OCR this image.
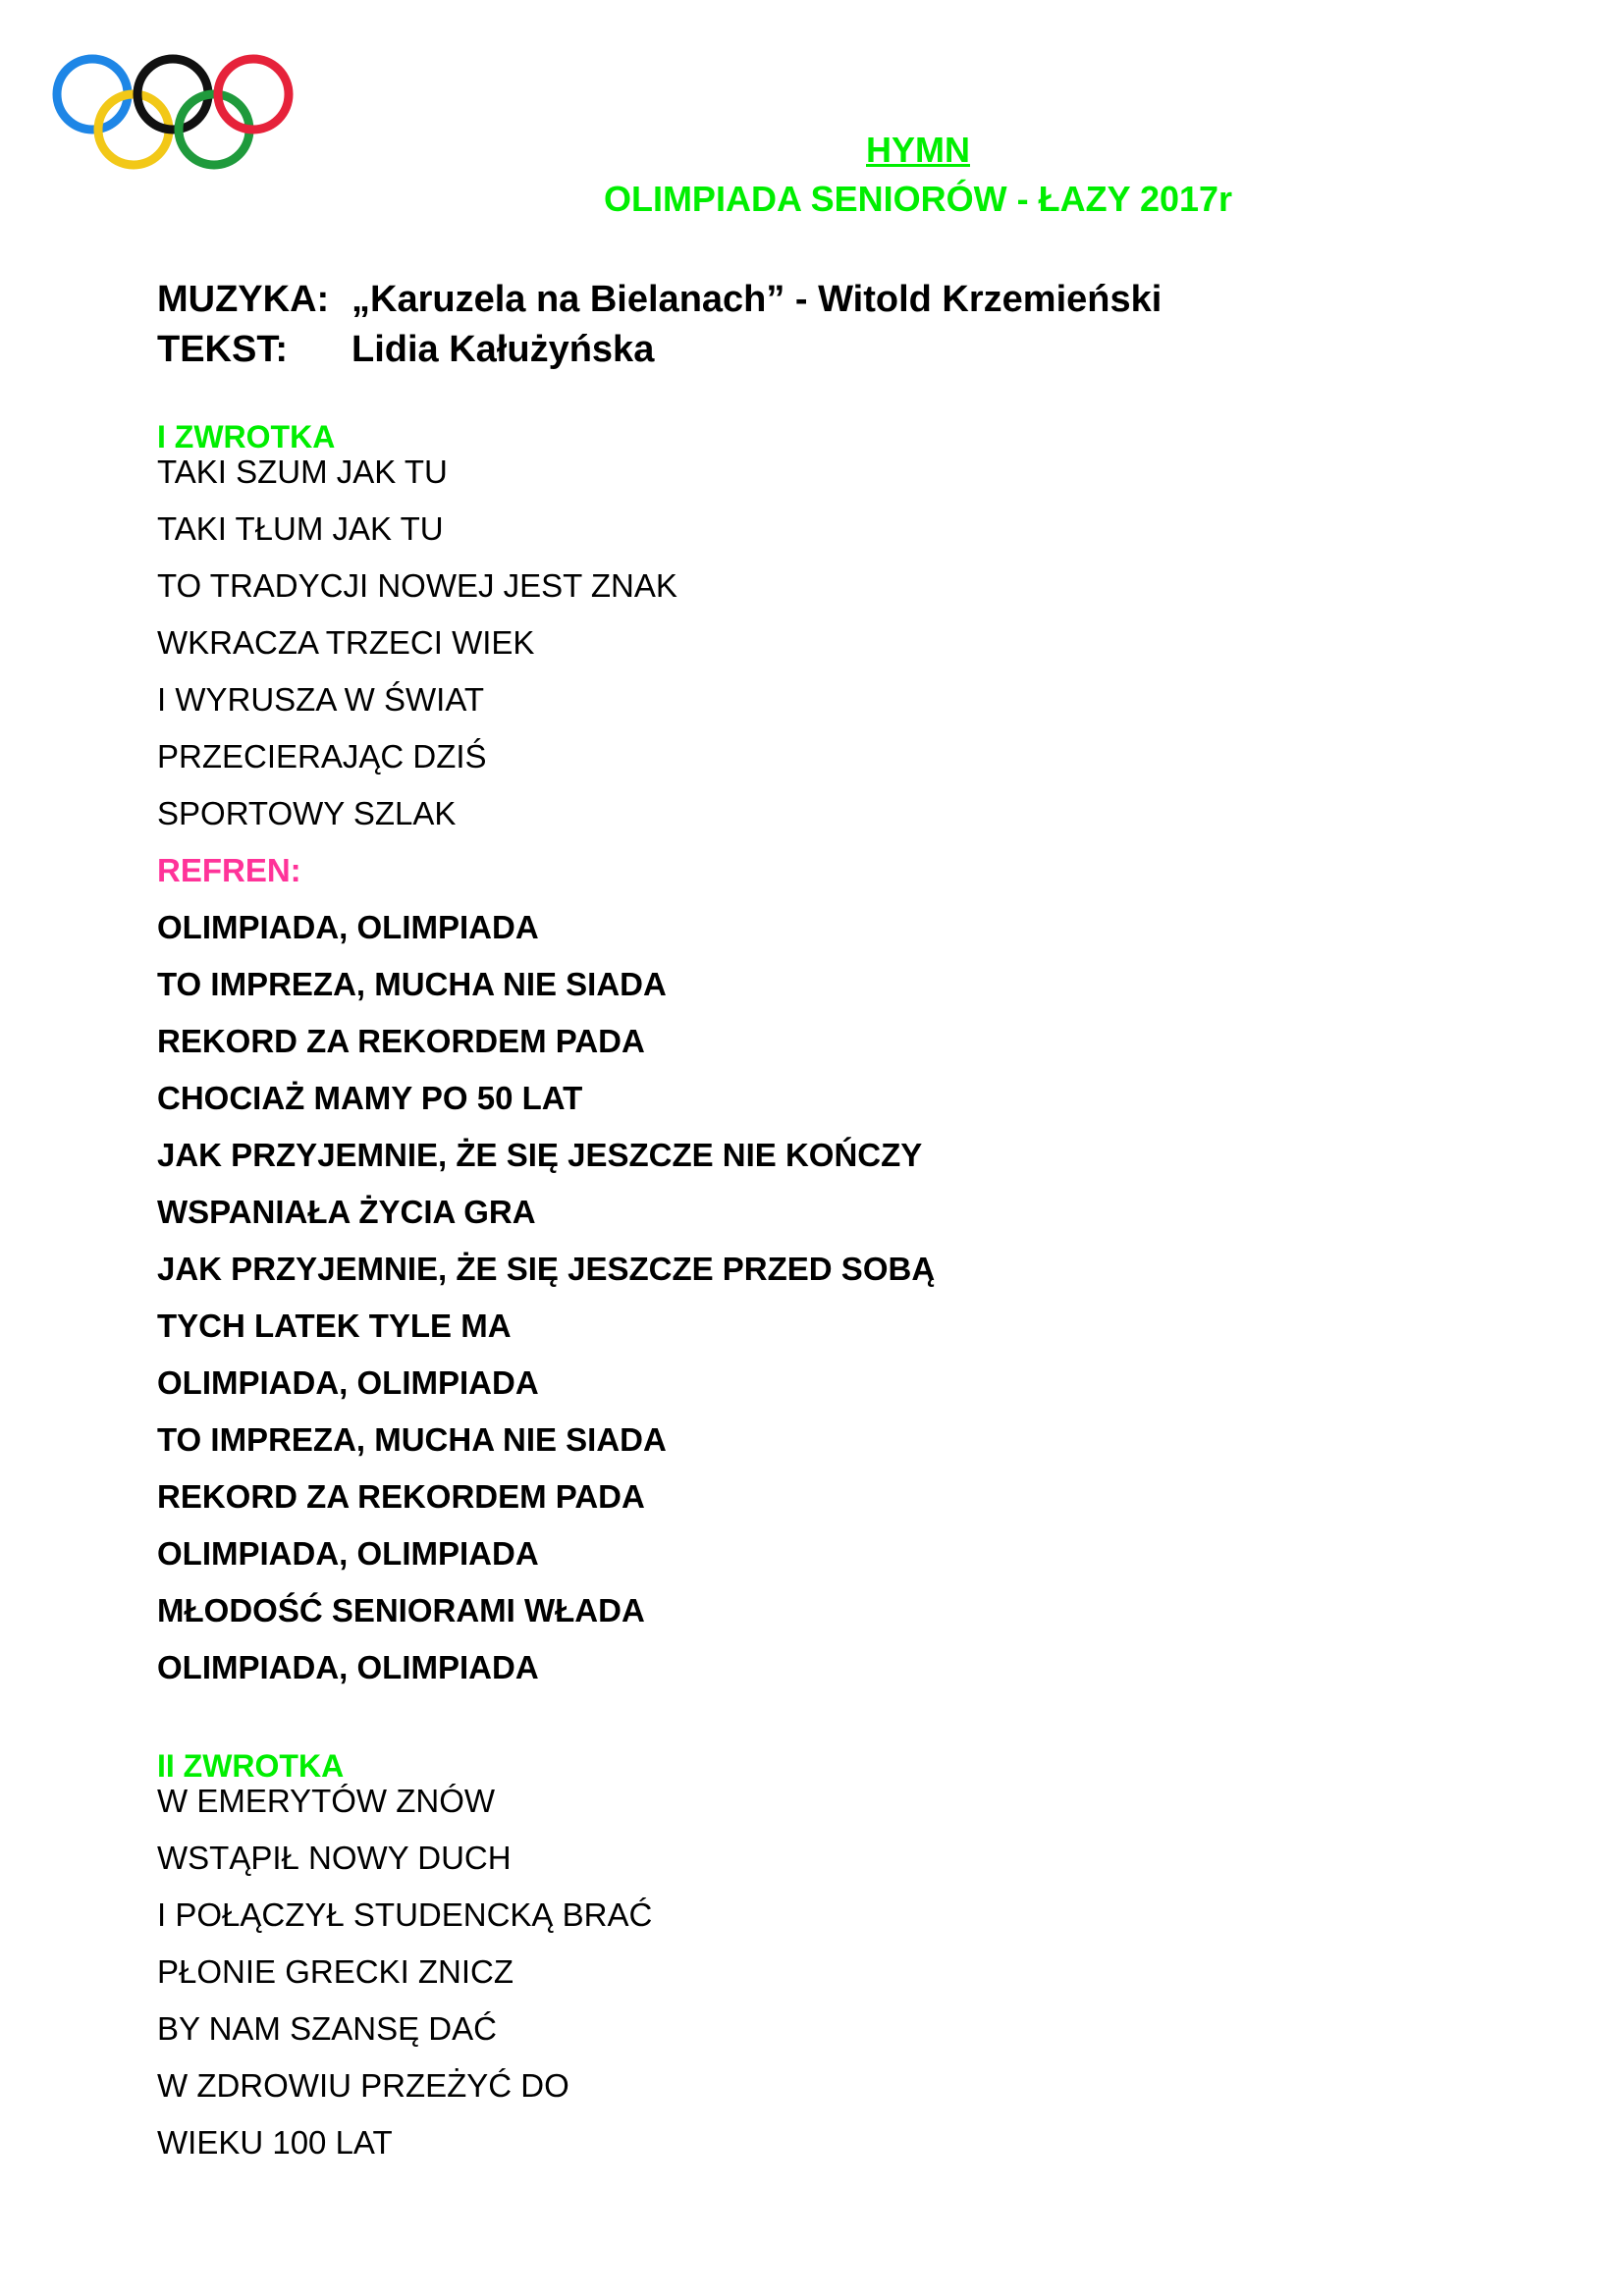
HYMN
OLIMPIADA SENIORÓW - ŁAZY 2017r
MUZYKA: „Karuzela na Bielanach” - Witold Krzemieński
TEKST: Lidia Kałużyńska
I ZWROTKA
TAKI SZUM JAK TU
TAKI TŁUM JAK TU
TO TRADYCJI NOWEJ JEST ZNAK
WKRACZA TRZECI WIEK
I WYRUSZA W ŚWIAT
PRZECIERAJĄC DZIŚ
SPORTOWY SZLAK
REFREN:
OLIMPIADA, OLIMPIADA
TO IMPREZA, MUCHA NIE SIADA
REKORD ZA REKORDEM PADA
CHOCIAŻ MAMY PO 50 LAT
JAK PRZYJEMNIE, ŻE SIĘ JESZCZE NIE KOŃCZY
WSPANIAŁA ŻYCIA GRA
JAK PRZYJEMNIE, ŻE SIĘ JESZCZE PRZED SOBĄ
TYCH LATEK TYLE MA
OLIMPIADA, OLIMPIADA
TO IMPREZA, MUCHA NIE SIADA
REKORD ZA REKORDEM PADA
OLIMPIADA, OLIMPIADA
MŁODOŚĆ SENIORAMI WŁADA
OLIMPIADA, OLIMPIADA
II ZWROTKA
W EMERYTÓW ZNÓW
WSTĄPIŁ NOWY DUCH
I POŁĄCZYŁ STUDENCKĄ BRAĆ
PŁONIE GRECKI ZNICZ
BY NAM SZANSĘ DAĆ
W ZDROWIU PRZEŻYĆ DO
WIEKU 100 LAT
